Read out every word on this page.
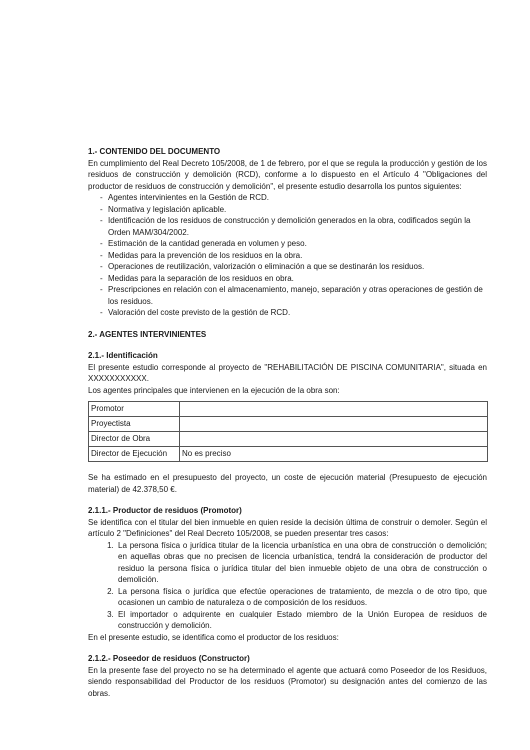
1.- CONTENIDO DEL DOCUMENTO

En cumplimiento del Real Decreto 105/2008, de 1 de febrero, por el que se regula la producción y gestión de los residuos de construcción y demolición (RCD), conforme a lo dispuesto en el Artículo 4 "Obligaciones del productor de residuos de construcción y demolición", el presente estudio desarrolla los puntos siguientes:

- Agentes intervinientes en la Gestión de RCD.
- Normativa y legislación aplicable.
- Identificación de los residuos de construcción y demolición generados en la obra, codificados según la Orden MAM/304/2002.
- Estimación de la cantidad generada en volumen y peso.
- Medidas para la prevención de los residuos en la obra.
- Operaciones de reutilización, valorización o eliminación a que se destinarán los residuos.
- Medidas para la separación de los residuos en obra.
- Prescripciones en relación con el almacenamiento, manejo, separación y otras operaciones de gestión de los residuos.
- Valoración del coste previsto de la gestión de RCD.

2.- AGENTES INTERVINIENTES

2.1.- Identificación

El presente estudio corresponde al proyecto de "REHABILITACIÓN DE PISCINA COMUNITARIA", situada en XXXXXXXXXXX.

Los agentes principales que intervienen en la ejecución de la obra son:

Promotor	
Proyectista	
Director de Obra	
Director de Ejecución	No es preciso

Se ha estimado en el presupuesto del proyecto, un coste de ejecución material (Presupuesto de ejecución material) de 42.378,50 €.

2.1.1.- Productor de residuos (Promotor)

Se identifica con el titular del bien inmueble en quien reside la decisión última de construir o demoler. Según el artículo 2 "Definiciones" del Real Decreto 105/2008, se pueden presentar tres casos:

1. La persona física o jurídica titular de la licencia urbanística en una obra de construcción o demolición; en aquellas obras que no precisen de licencia urbanística, tendrá la consideración de productor del residuo la persona física o jurídica titular del bien inmueble objeto de una obra de construcción o demolición.
2. La persona física o jurídica que efectúe operaciones de tratamiento, de mezcla o de otro tipo, que ocasionen un cambio de naturaleza o de composición de los residuos.
3. El importador o adquirente en cualquier Estado miembro de la Unión Europea de residuos de construcción y demolición.

En el presente estudio, se identifica como el productor de los residuos:

2.1.2.- Poseedor de residuos (Constructor)

En la presente fase del proyecto no se ha determinado el agente que actuará como Poseedor de los Residuos, siendo responsabilidad del Productor de los residuos (Promotor) su designación antes del comienzo de las obras.
